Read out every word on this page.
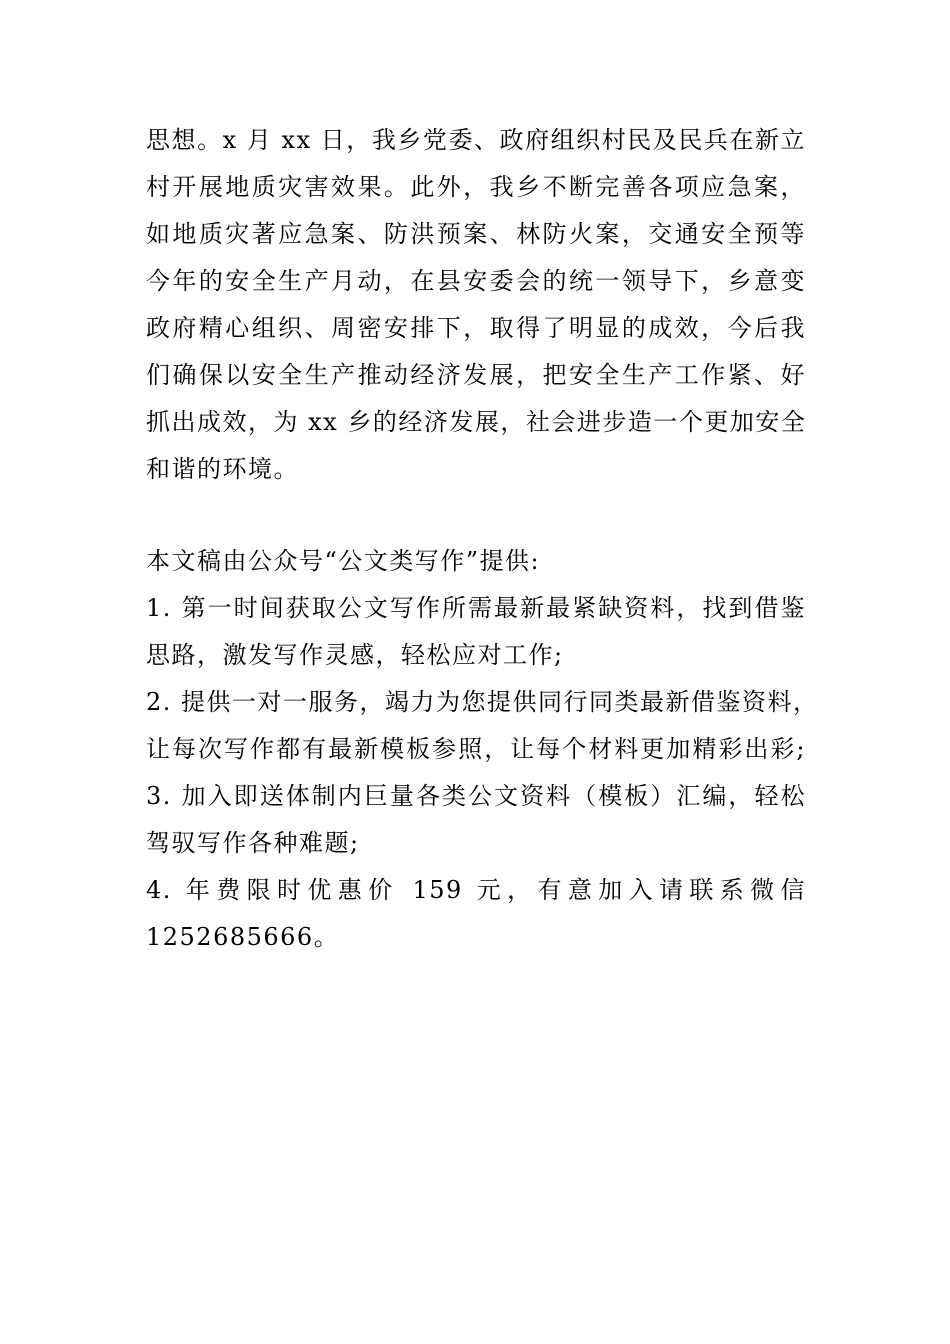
思想。x 月 xx 日，我乡党委、政府组织村民及民兵在新立
村开展地质灾害效果。此外，我乡不断完善各项应急案，
如地质灾著应急案、防洪预案、林防火案，交通安全预等
今年的安全生产月动，在县安委会的统一领导下，乡意变
政府精心组织、周密安排下，取得了明显的成效，今后我
们确保以安全生产推动经济发展，把安全生产工作紧、好
抓出成效，为 xx 乡的经济发展，社会进步造一个更加安全
和谐的环境。
本文稿由公众号“公文类写作”提供:
1. 第一时间获取公文写作所需最新最紧缺资料，找到借鉴
思路，激发写作灵感，轻松应对工作;
2. 提供一对一服务，竭力为您提供同行同类最新借鉴资料，
让每次写作都有最新模板参照，让每个材料更加精彩出彩;
3. 加入即送体制内巨量各类公文资料（模板）汇编，轻松
驾驭写作各种难题;
4. 年费限时优惠价 159 元，有意加入请联系微信
1252685666。
